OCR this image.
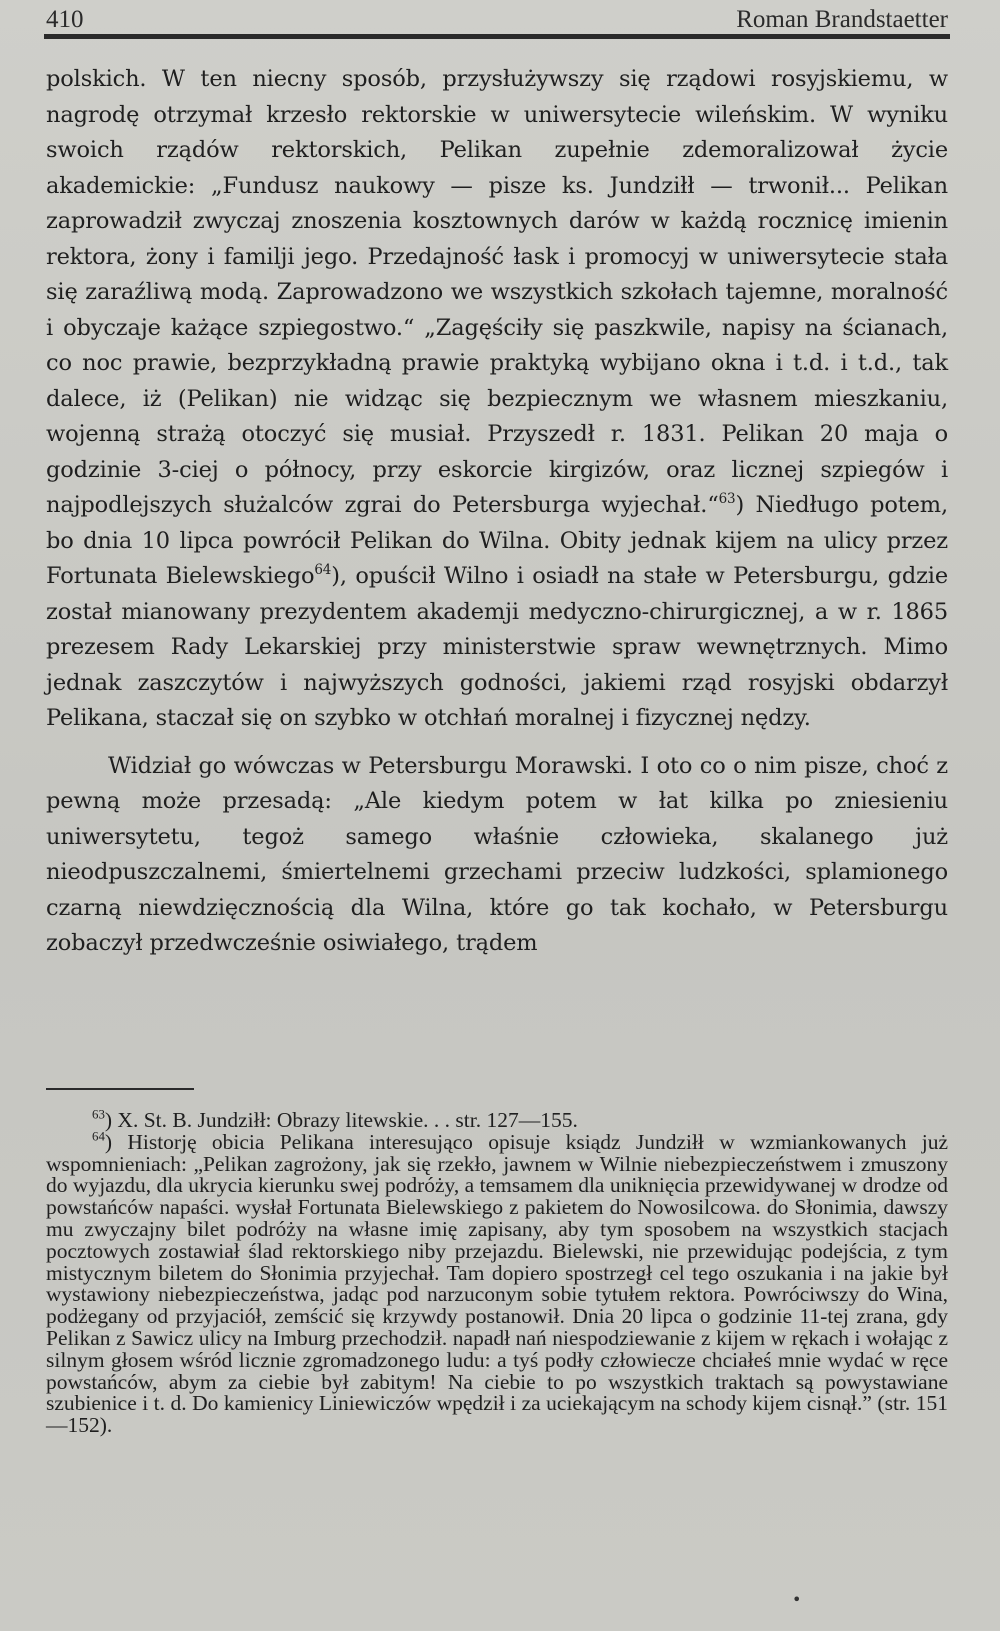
410	Roman Brandstaetter

polskich. W ten niecny sposób, przysłużywszy się rządowi rosyjskiemu, w nagrodę otrzymał krzesło rektorskie w uniwersytecie wileńskim. W wyniku swoich rządów rektorskich, Pelikan zupełnie zdemoralizował życie akademickie: „Fundusz naukowy — pisze ks. Jundziłł — trwonił... Pelikan zaprowadził zwyczaj znoszenia kosztownych darów w każdą rocznicę imienin rektora, żony i familji jego. Przedajność łask i promocyj w uniwersytecie stała się zaraźliwą modą. Zaprowadzono we wszystkich szkołach tajemne, moralność i obyczaje każące szpiegostwo.“ „Zagęściły się paszkwile, napisy na ścianach, co noc prawie, bezprzykładną prawie praktyką wybijano okna i t.d. i t.d., tak dalece, iż (Pelikan) nie widząc się bezpiecznym we własnem mieszkaniu, wojenną strażą otoczyć się musiał. Przyszedł r. 1831. Pelikan 20 maja o godzinie 3-ciej o północy, przy eskorcie kirgizów, oraz licznej szpiegów i najpodlejszych służalców zgrai do Petersburga wyjechał.“$^{63}$) Niedługo potem, bo dnia 10 lipca powrócił Pelikan do Wilna. Obity jednak kijem na ulicy przez Fortunata Bielewskiego$^{64}$), opuścił Wilno i osiadł na stałe w Petersburgu, gdzie został mianowany prezydentem akademji medyczno-chirurgicznej, a w r. 1865 prezesem Rady Lekarskiej przy ministerstwie spraw wewnętrznych. Mimo jednak zaszczytów i najwyższych godności, jakiemi rząd rosyjski obdarzył Pelikana, staczał się on szybko w otchłań moralnej i fizycznej nędzy.

Widział go wówczas w Petersburgu Morawski. I oto co o nim pisze, choć z pewną może przesadą: „Ale kiedym potem w łat kilka po zniesieniu uniwersytetu, tegoż samego właśnie człowieka, skalanego już nieodpuszczalnemi, śmiertelnemi grzechami przeciw ludzkości, splamionego czarną niewdzięcznością dla Wilna, które go tak kochało, w Petersburgu zobaczył przedwcześnie osiwiałego, trądem

$^{63}$) X. St. B. Jundziłł: Obrazy litewskie. . . str. 127—155.

$^{64}$) Historję obicia Pelikana interesująco opisuje ksiądz Jundziłł w wzmiankowanych już wspomnieniach: „Pelikan zagrożony, jak się rzekło, jawnem w Wilnie niebezpieczeństwem i zmuszony do wyjazdu, dla ukrycia kierunku swej podróży, a temsamem dla uniknięcia przewidywanej w drodze od powstańców napaści. wysłał Fortunata Bielewskiego z pakietem do Nowosilcowa. do Słonimia, dawszy mu zwyczajny bilet podróży na własne imię zapisany, aby tym sposobem na wszystkich stacjach pocztowych zostawiał ślad rektorskiego niby przejazdu. Bielewski, nie przewidując podejścia, z tym mistycznym biletem do Słonimia przyjechał. Tam dopiero spostrzegł cel tego oszukania i na jakie był wystawiony niebezpieczeństwa, jadąc pod narzuconym sobie tytułem rektora. Powróciwszy do Wina, podżegany od przyjaciół, zemścić się krzywdy postanowił. Dnia 20 lipca o godzinie 11-tej zrana, gdy Pelikan z Sawicz ulicy na Imburg przechodził. napadł nań niespodziewanie z kijem w rękach i wołając z silnym głosem wśród licznie zgromadzonego ludu: a tyś podły człowiecze chciałeś mnie wydać w ręce powstańców, abym za ciebie był zabitym! Na ciebie to po wszystkich traktach są powystawiane szubienice i t. d. Do kamienicy Liniewiczów wpędził i za uciekającym na schody kijem cisnął.” (str. 151—152).

•
